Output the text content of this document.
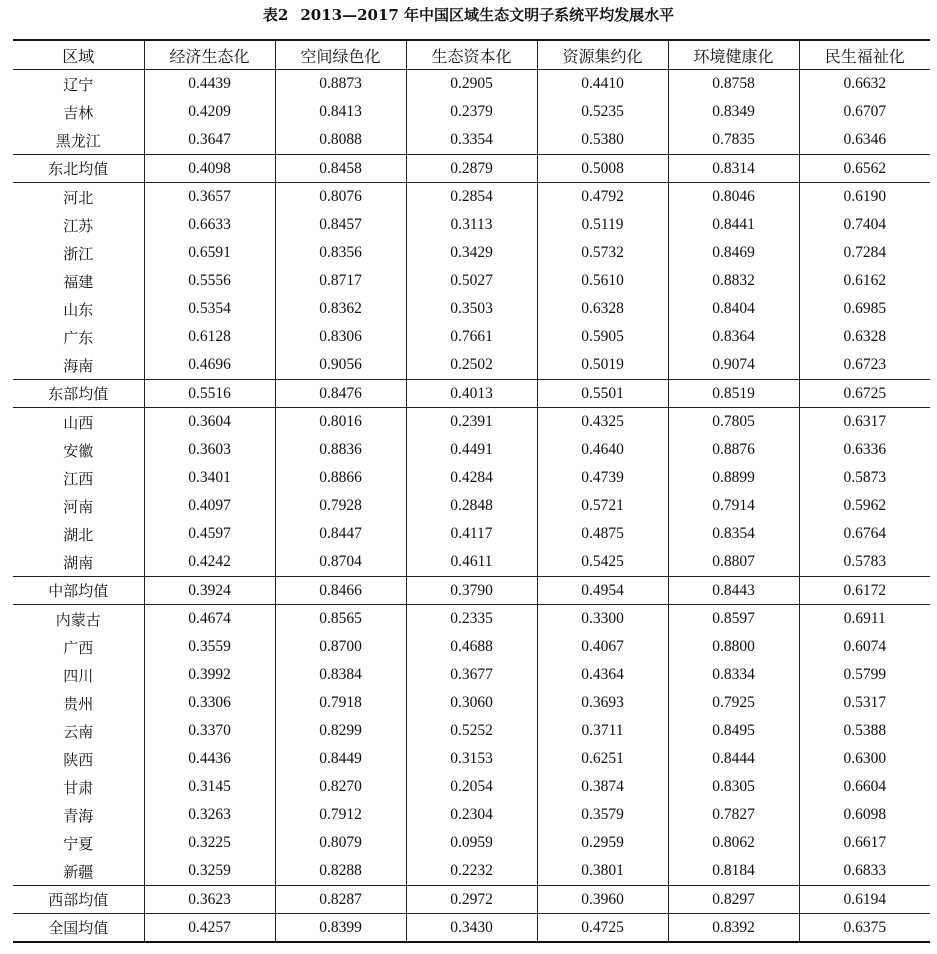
表2 2013—2017 年中国区域生态文明子系统平均发展水平
区域	经济生态化	空间绿色化	生态资本化	资源集约化	环境健康化	民生福祉化
辽宁	0.4439	0.8873	0.2905	0.4410	0.8758	0.6632
吉林	0.4209	0.8413	0.2379	0.5235	0.8349	0.6707
黑龙江	0.3647	0.8088	0.3354	0.5380	0.7835	0.6346
东北均值	0.4098	0.8458	0.2879	0.5008	0.8314	0.6562
河北	0.3657	0.8076	0.2854	0.4792	0.8046	0.6190
江苏	0.6633	0.8457	0.3113	0.5119	0.8441	0.7404
浙江	0.6591	0.8356	0.3429	0.5732	0.8469	0.7284
福建	0.5556	0.8717	0.5027	0.5610	0.8832	0.6162
山东	0.5354	0.8362	0.3503	0.6328	0.8404	0.6985
广东	0.6128	0.8306	0.7661	0.5905	0.8364	0.6328
海南	0.4696	0.9056	0.2502	0.5019	0.9074	0.6723
东部均值	0.5516	0.8476	0.4013	0.5501	0.8519	0.6725
山西	0.3604	0.8016	0.2391	0.4325	0.7805	0.6317
安徽	0.3603	0.8836	0.4491	0.4640	0.8876	0.6336
江西	0.3401	0.8866	0.4284	0.4739	0.8899	0.5873
河南	0.4097	0.7928	0.2848	0.5721	0.7914	0.5962
湖北	0.4597	0.8447	0.4117	0.4875	0.8354	0.6764
湖南	0.4242	0.8704	0.4611	0.5425	0.8807	0.5783
中部均值	0.3924	0.8466	0.3790	0.4954	0.8443	0.6172
内蒙古	0.4674	0.8565	0.2335	0.3300	0.8597	0.6911
广西	0.3559	0.8700	0.4688	0.4067	0.8800	0.6074
四川	0.3992	0.8384	0.3677	0.4364	0.8334	0.5799
贵州	0.3306	0.7918	0.3060	0.3693	0.7925	0.5317
云南	0.3370	0.8299	0.5252	0.3711	0.8495	0.5388
陕西	0.4436	0.8449	0.3153	0.6251	0.8444	0.6300
甘肃	0.3145	0.8270	0.2054	0.3874	0.8305	0.6604
青海	0.3263	0.7912	0.2304	0.3579	0.7827	0.6098
宁夏	0.3225	0.8079	0.0959	0.2959	0.8062	0.6617
新疆	0.3259	0.8288	0.2232	0.3801	0.8184	0.6833
西部均值	0.3623	0.8287	0.2972	0.3960	0.8297	0.6194
全国均值	0.4257	0.8399	0.3430	0.4725	0.8392	0.6375
